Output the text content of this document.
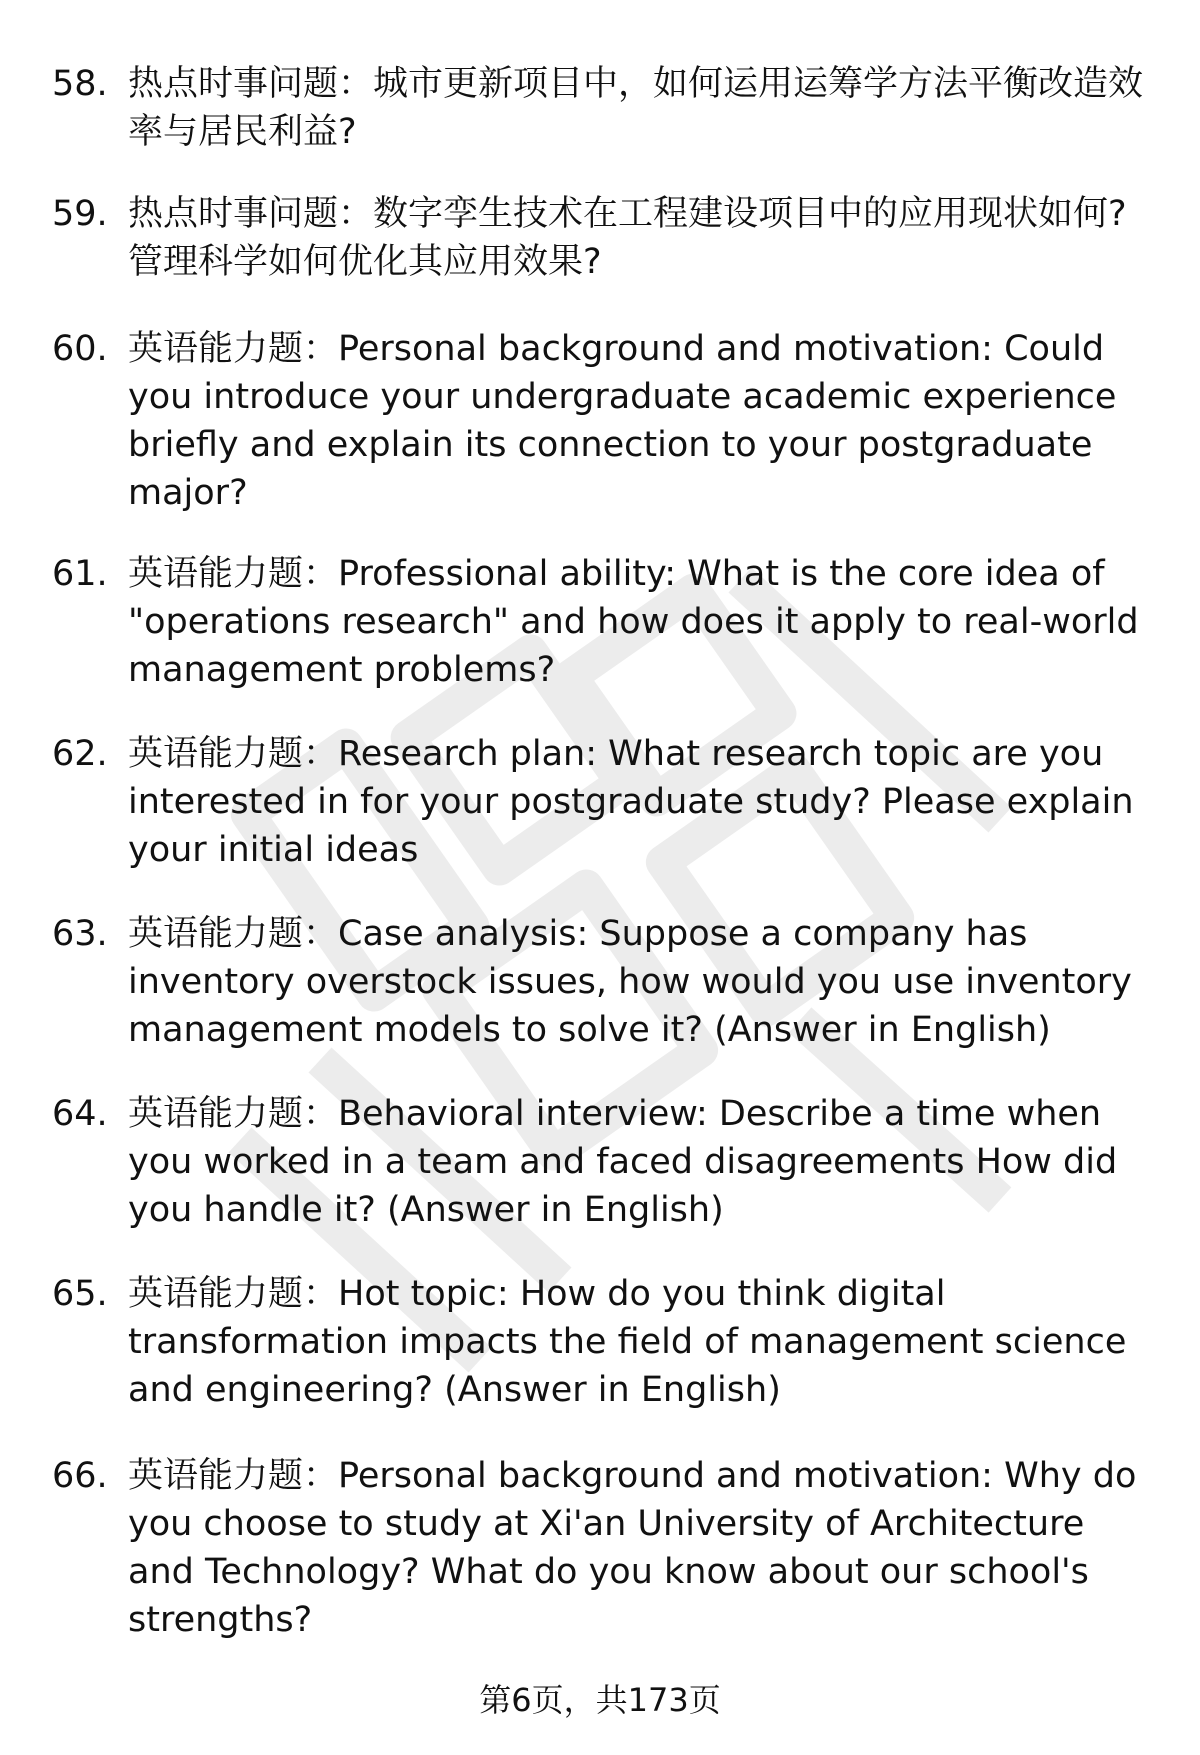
58. 热点时事问题：城市更新项目中，如何运用运筹学方法平衡改造效率与居民利益?
59. 热点时事问题：数字孪生技术在工程建设项目中的应用现状如何? 管理科学如何优化其应用效果?
60. 英语能力题：Personal background and motivation: Could you introduce your undergraduate academic experience briefly and explain its connection to your postgraduate major?
61. 英语能力题：Professional ability: What is the core idea of "operations research" and how does it apply to real-world management problems?
62. 英语能力题：Research plan: What research topic are you interested in for your postgraduate study? Please explain your initial ideas
63. 英语能力题：Case analysis: Suppose a company has inventory overstock issues, how would you use inventory management models to solve it? (Answer in English)
64. 英语能力题：Behavioral interview: Describe a time when you worked in a team and faced disagreements How did you handle it? (Answer in English)
65. 英语能力题：Hot topic: How do you think digital transformation impacts the field of management science and engineering? (Answer in English)
66. 英语能力题：Personal background and motivation: Why do you choose to study at Xi'an University of Architecture and Technology? What do you know about our school's strengths?
第6页，共173页
